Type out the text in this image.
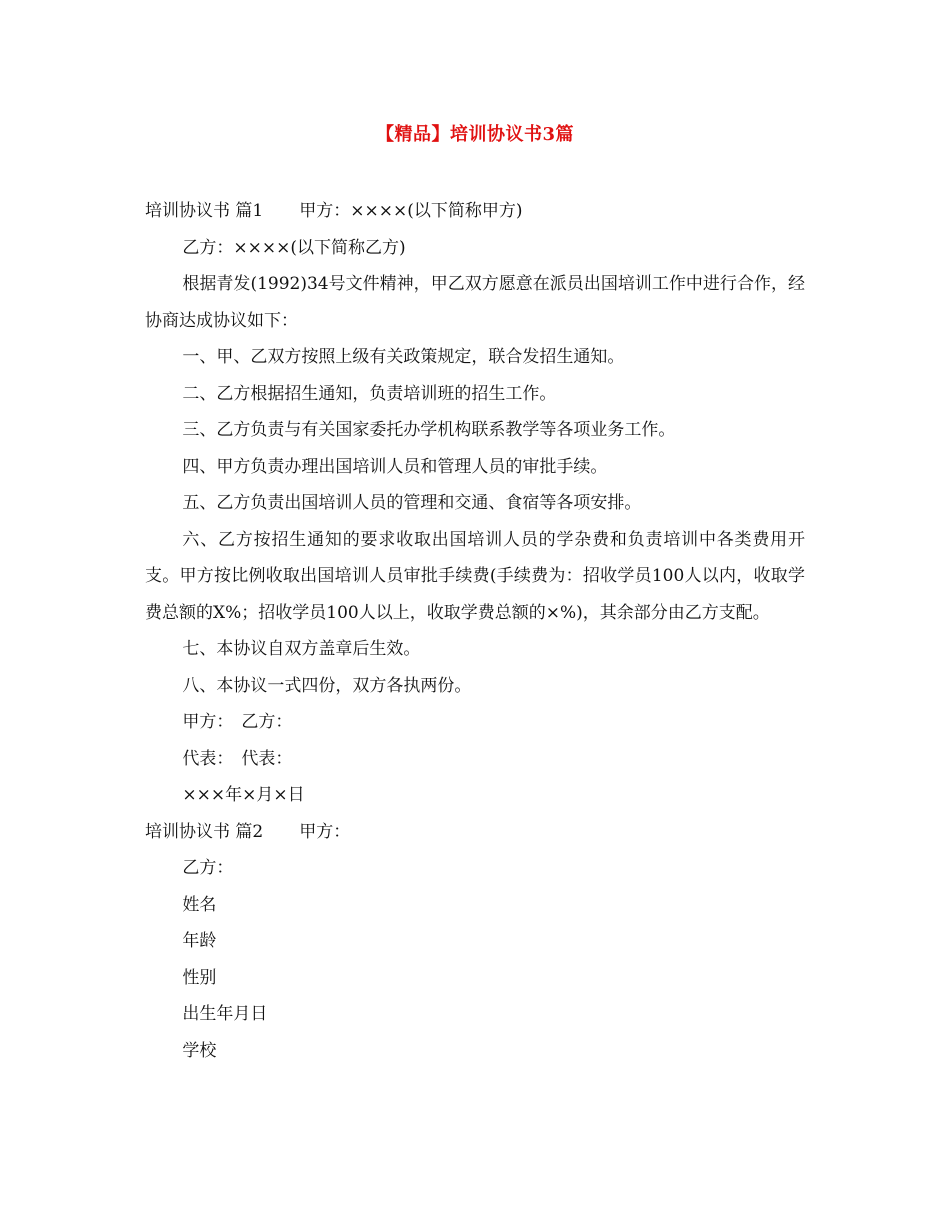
【精品】培训协议书3篇

培训协议书 篇1 甲方：××××(以下简称甲方)

乙方：××××(以下简称乙方)

根据青发(1992)34号文件精神，甲乙双方愿意在派员出国培训工作中进行合作，经协商达成协议如下：

一、甲、乙双方按照上级有关政策规定，联合发招生通知。

二、乙方根据招生通知，负责培训班的招生工作。

三、乙方负责与有关国家委托办学机构联系教学等各项业务工作。

四、甲方负责办理出国培训人员和管理人员的审批手续。

五、乙方负责出国培训人员的管理和交通、食宿等各项安排。

六、乙方按招生通知的要求收取出国培训人员的学杂费和负责培训中各类费用开支。甲方按比例收取出国培训人员审批手续费(手续费为：招收学员100人以内，收取学费总额的X%；招收学员100人以上，收取学费总额的×%)，其余部分由乙方支配。

七、本协议自双方盖章后生效。

八、本协议一式四份，双方各执两份。

甲方： 乙方：

代表： 代表：

×××年×月×日

培训协议书 篇2 甲方：

乙方：

姓名

年龄

性别

出生年月日

学校
